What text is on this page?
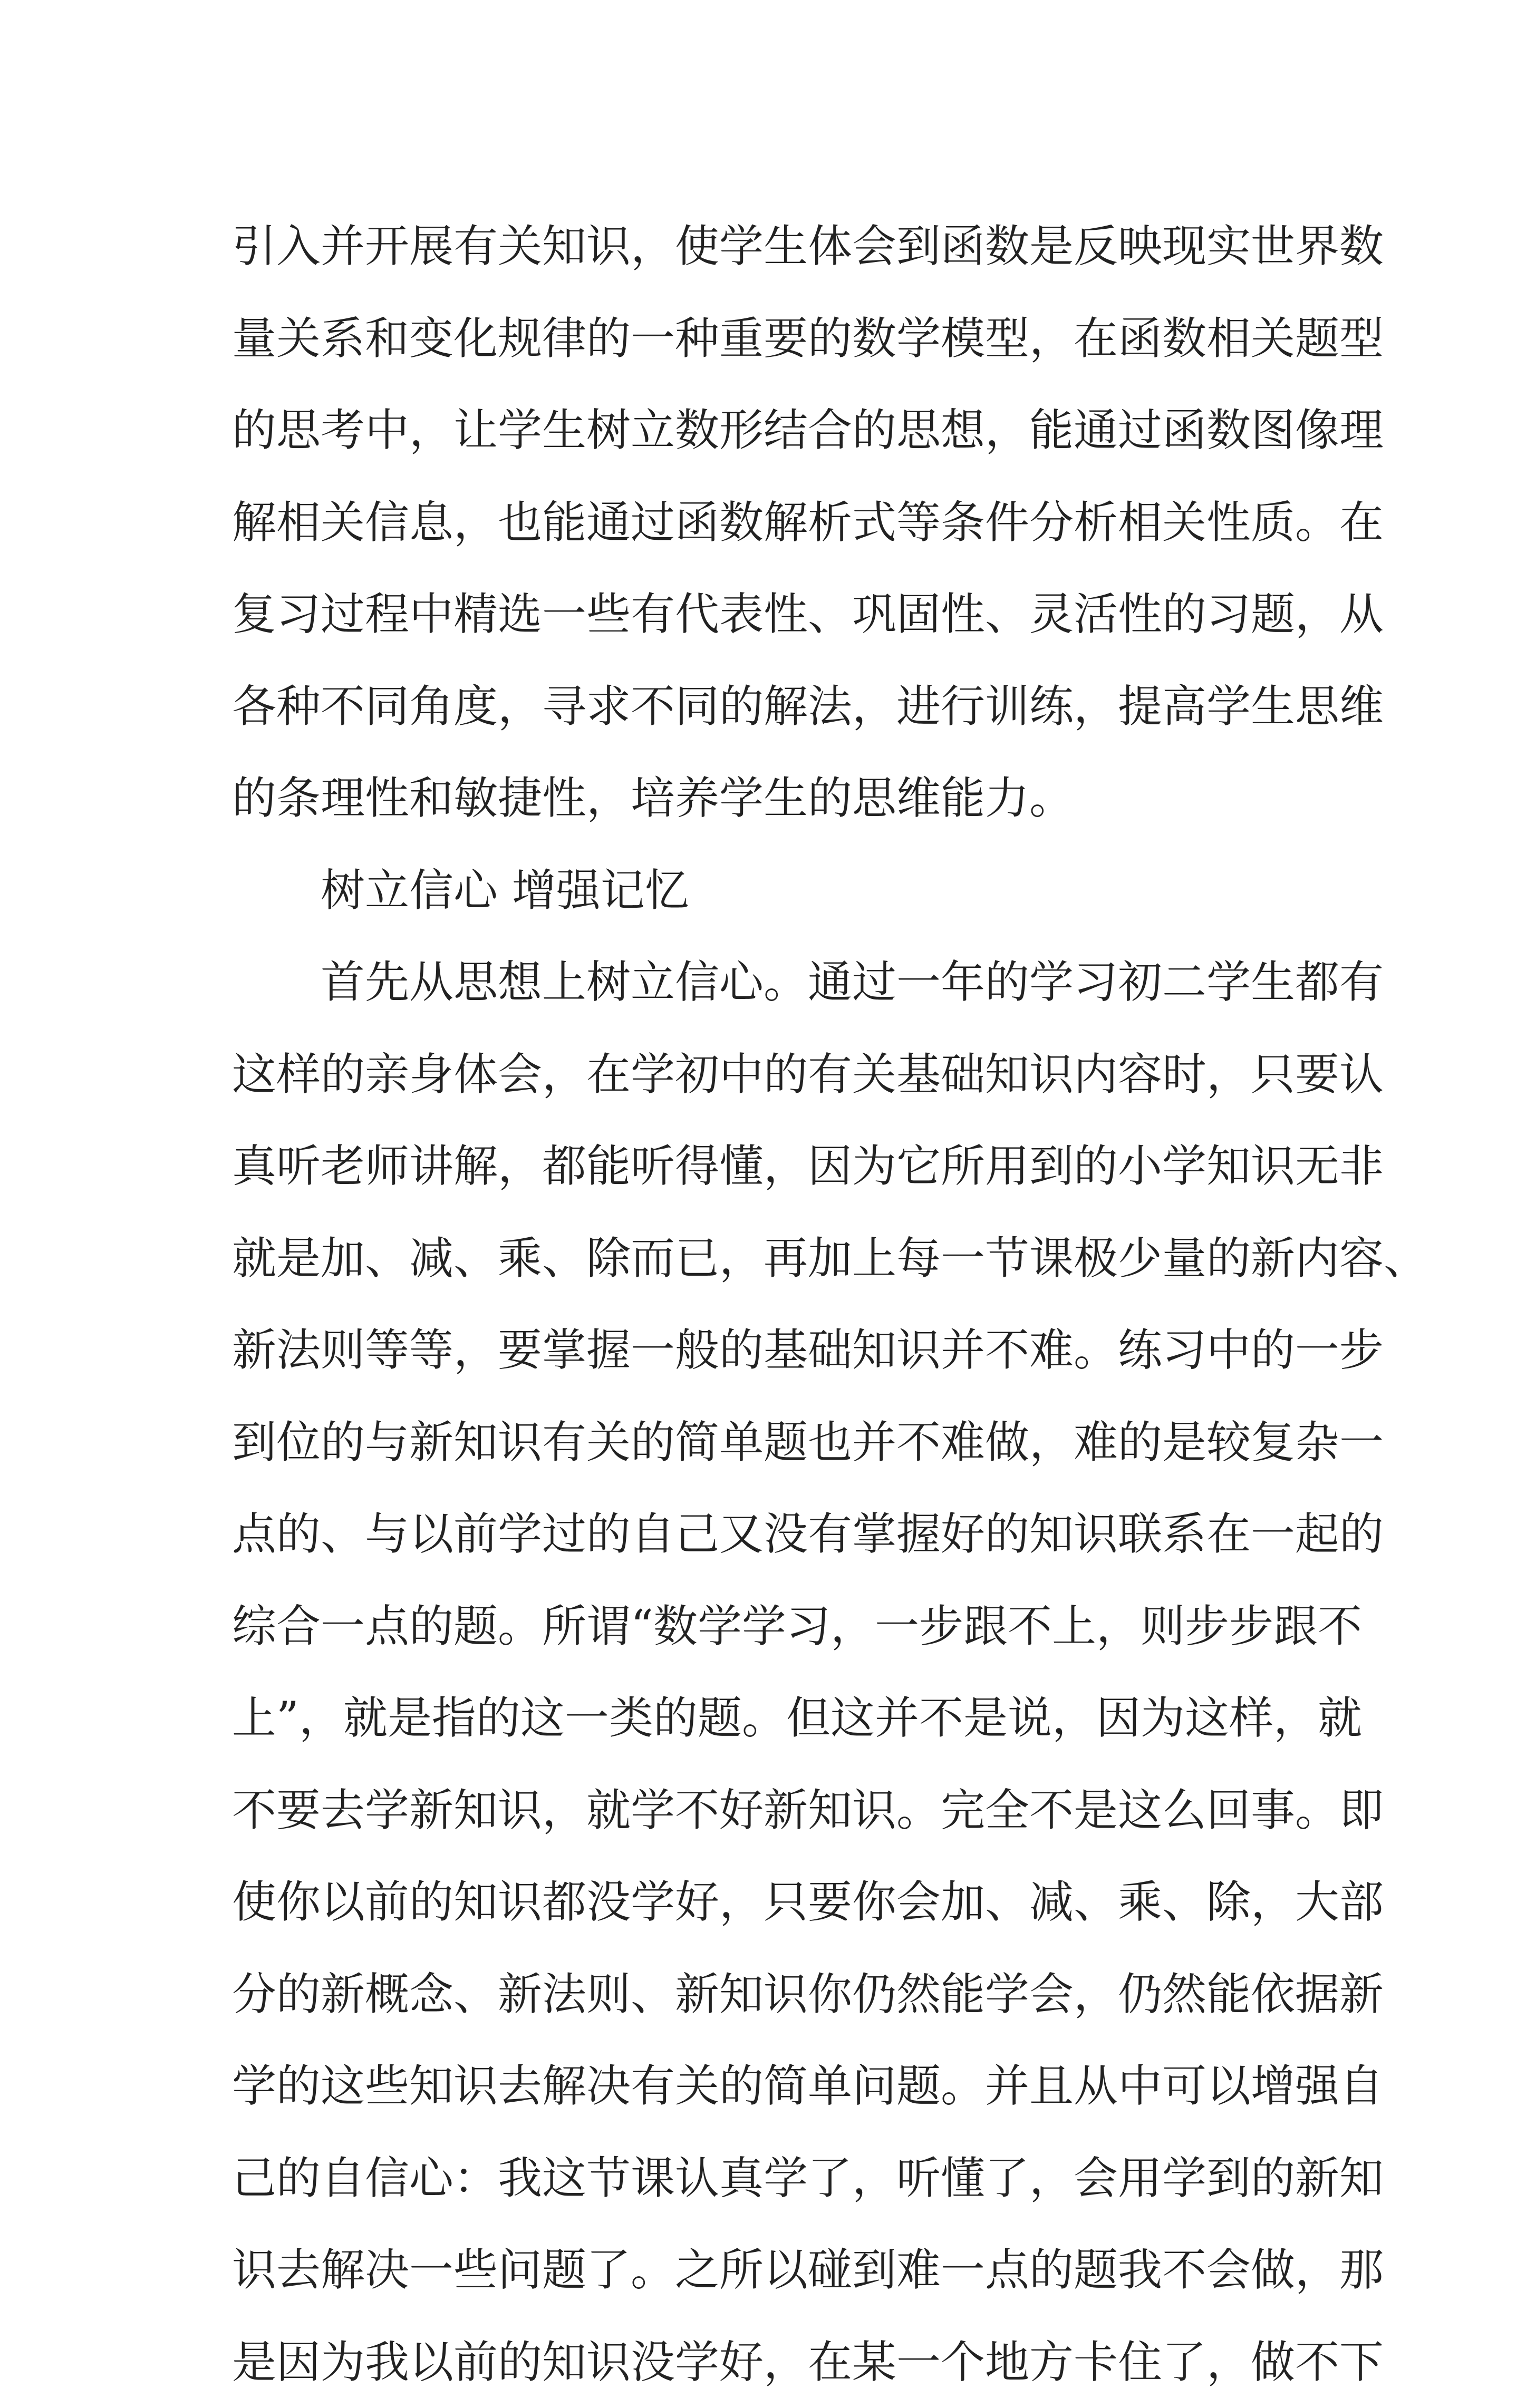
引入并开展有关知识，使学生体会到函数是反映现实世界数
量关系和变化规律的一种重要的数学模型，在函数相关题型
的思考中，让学生树立数形结合的思想，能通过函数图像理
解相关信息，也能通过函数解析式等条件分析相关性质。在
复习过程中精选一些有代表性、巩固性、灵活性的习题，从
各种不同角度，寻求不同的解法，进行训练，提高学生思维
的条理性和敏捷性，培养学生的思维能力。
树立信心 增强记忆
首先从思想上树立信心。通过一年的学习初二学生都有
这样的亲身体会，在学初中的有关基础知识内容时，只要认
真听老师讲解，都能听得懂，因为它所用到的小学知识无非
就是加、减、乘、除而已，再加上每一节课极少量的新内容、
新法则等等，要掌握一般的基础知识并不难。练习中的一步
到位的与新知识有关的简单题也并不难做，难的是较复杂一
点的、与以前学过的自己又没有掌握好的知识联系在一起的
综合一点的题。所谓“数学学习，一步跟不上，则步步跟不
上”，就是指的这一类的题。但这并不是说，因为这样，就
不要去学新知识，就学不好新知识。完全不是这么回事。即
使你以前的知识都没学好，只要你会加、减、乘、除，大部
分的新概念、新法则、新知识你仍然能学会，仍然能依据新
学的这些知识去解决有关的简单问题。并且从中可以增强自
己的自信心：我这节课认真学了，听懂了，会用学到的新知
识去解决一些问题了。之所以碰到难一点的题我不会做，那
是因为我以前的知识没学好，在某一个地方卡住了，做不下
